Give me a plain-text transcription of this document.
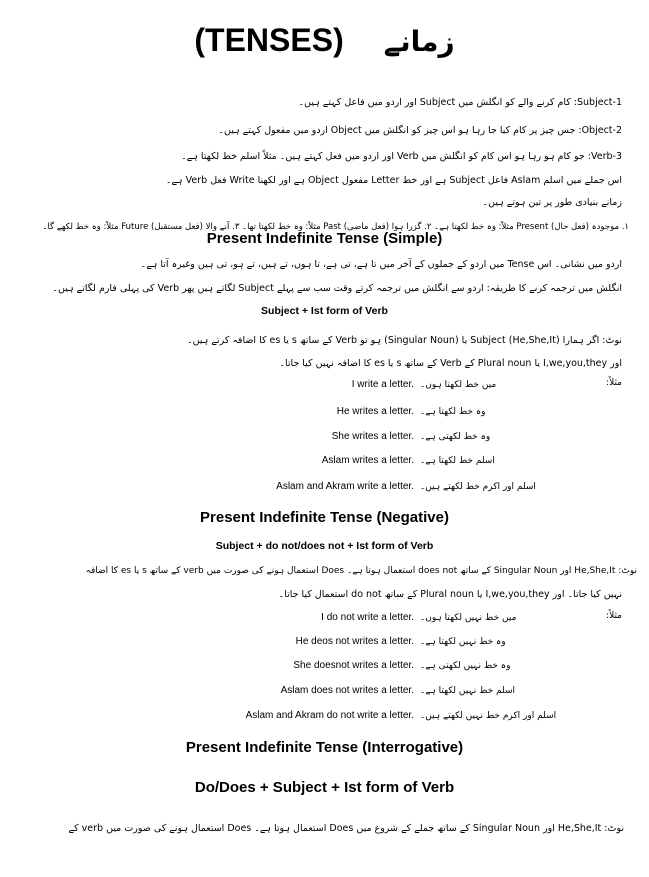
(TENSES) زمانے
Subject-1: کام کرنے والے کو انگلش میں Subject اور اردو میں فاعل کہتے ہیں۔
Object-2: جس چیز پر کام کیا جا رہا ہو اس چیز کو انگلش میں Object اردو میں مفعول کہتے ہیں۔
Verb-3: جو کام ہو رہا ہو اس کام کو انگلش میں Verb اور اردو میں فعل کہتے ہیں۔ مثلاً اسلم خط لکھتا ہے۔
اس جملے میں اسلم Aslam فاعل Subject ہے اور خط Letter مفعول Object ہے اور لکھنا Write فعل Verb ہے۔
زمانے بنیادی طور پر تین ہوتے ہیں۔
۱. موجودہ (فعل حال) Present مثلاً: وہ خط لکھتا ہے۔ ۲. گزرا ہوا (فعل ماضی) Past مثلاً: وہ خط لکھتا تھا۔ ۳. آنے والا (فعل مستقبل) Future مثلاً: وہ خط لکھے گا۔
Present Indefinite Tense (Simple)
اردو میں نشانی۔ اس Tense میں اردو کے جملوں کے آخر میں تا ہے، تی ہے، تا ہوں، تے ہیں، تے ہو، تی ہیں وغیرہ آتا ہے۔
انگلش میں ترجمہ کرنے کا طریقہ: اردو سے انگلش میں ترجمہ کرتے وقت سب سے پہلے Subject لگاتے ہیں پھر Verb کی پہلی فارم لگاتے ہیں۔
Subject + Ist form of Verb
نوٹ: اگر ہمارا Subject (He,She,It) یا (Singular Noun) ہو تو Verb کے ساتھ s یا es کا اضافہ کرتے ہیں۔
اور I,we,you,they یا Plural noun کے Verb کے ساتھ s یا es کا اضافہ نہیں کیا جاتا۔
مثلاً:
I write a letter. میں خط لکھتا ہوں۔
He writes a letter. وہ خط لکھتا ہے۔
She writes a letter. وہ خط لکھتی ہے۔
Aslam writes a letter. اسلم خط لکھتا ہے۔
Aslam and Akram write a letter. اسلم اور اکرم خط لکھتے ہیں۔
Present Indefinite Tense (Negative)
Subject + do not/does not + Ist form of Verb
نوٹ: He,She,It اور Singular Noun کے ساتھ does not استعمال ہوتا ہے۔ Does استعمال ہونے کی صورت میں verb کے ساتھ s یا es کا اضافہ
نہیں کیا جاتا۔ اور I,we,you,they یا Plural noun کے ساتھ do not استعمال کیا جاتا۔
مثلاً:
I do not write a letter. میں خط نہیں لکھتا ہوں۔
He deos not writes a letter. وہ خط نہیں لکھتا ہے۔
She doesnot writes a letter. وہ خط نہیں لکھتی ہے۔
Aslam does not writes a letter. اسلم خط نہیں لکھتا ہے۔
Aslam and Akram do not write a letter. اسلم اور اکرم خط نہیں لکھتے ہیں۔
Present Indefinite Tense (Interrogative)
Do/Does + Subject + Ist form of Verb
نوٹ: He,She,It اور Singular Noun کے ساتھ جملے کے شروع میں Does استعمال ہوتا ہے۔ Does استعمال ہونے کی صورت میں verb کے
